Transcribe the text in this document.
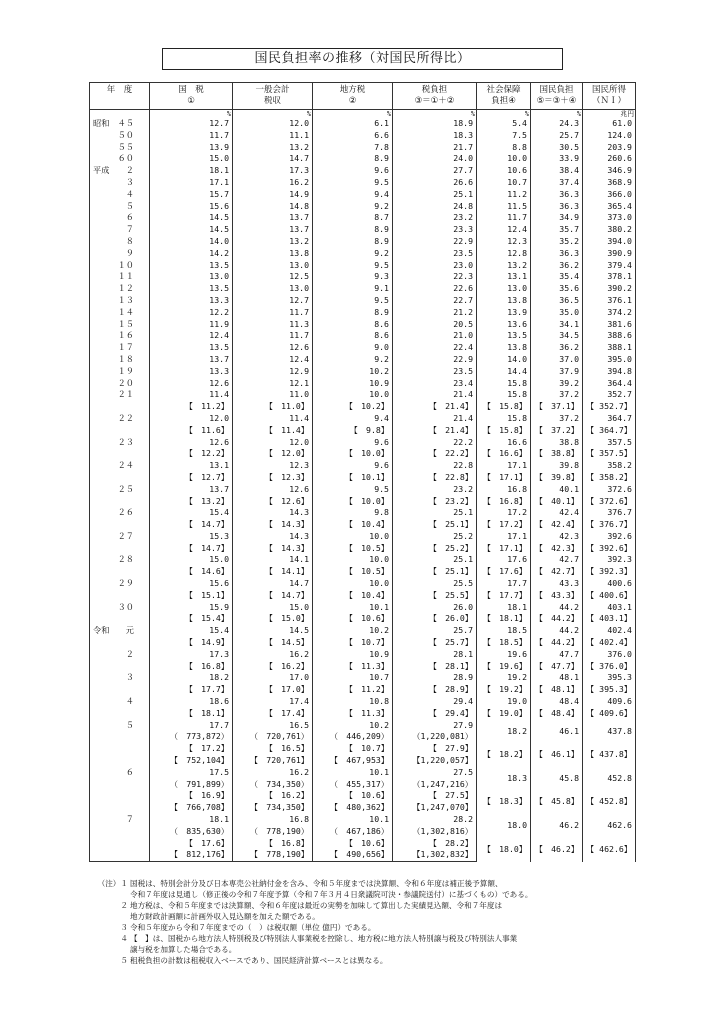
国民負担率の推移（対国民所得比）
年　度	国　税	一般会計	地方税	税負担	社会保障	国民負担	国民所得
	①	税収	②	③＝①＋②	負担④	⑤＝③＋④	（ＮＩ）
	%	%	%	%	%	%	兆円
昭和　４５	12.7	12.0	6.1	18.9	5.4	24.3	61.0
　　　５０	11.7	11.1	6.6	18.3	7.5	25.7	124.0
　　　５５	13.9	13.2	7.8	21.7	8.8	30.5	203.9
　　　６０	15.0	14.7	8.9	24.0	10.0	33.9	260.6
平成　　２	18.1	17.3	9.6	27.7	10.6	38.4	346.9
　　　　３	17.1	16.2	9.5	26.6	10.7	37.4	368.9
　　　　４	15.7	14.9	9.4	25.1	11.2	36.3	366.0
　　　　５	15.6	14.8	9.2	24.8	11.5	36.3	365.4
　　　　６	14.5	13.7	8.7	23.2	11.7	34.9	373.0
　　　　７	14.5	13.7	8.9	23.3	12.4	35.7	380.2
　　　　８	14.0	13.2	8.9	22.9	12.3	35.2	394.0
　　　　９	14.2	13.8	9.2	23.5	12.8	36.3	390.9
　　　１０	13.5	13.0	9.5	23.0	13.2	36.2	379.4
　　　１１	13.0	12.5	9.3	22.3	13.1	35.4	378.1
　　　１２	13.5	13.0	9.1	22.6	13.0	35.6	390.2
　　　１３	13.3	12.7	9.5	22.7	13.8	36.5	376.1
　　　１４	12.2	11.7	8.9	21.2	13.9	35.0	374.2
　　　１５	11.9	11.3	8.6	20.5	13.6	34.1	381.6
　　　１６	12.4	11.7	8.6	21.0	13.5	34.5	388.6
　　　１７	13.5	12.6	9.0	22.4	13.8	36.2	388.1
　　　１８	13.7	12.4	9.2	22.9	14.0	37.0	395.0
　　　１９	13.3	12.9	10.2	23.5	14.4	37.9	394.8
　　　２０	12.6	12.1	10.9	23.4	15.8	39.2	364.4
　　　２１	11.4	11.0	10.0	21.4	15.8	37.2	352.7
	【　11.2】	【　11.0】	【　10.2】	【　21.4】	【　15.8】	【　37.1】	【 352.7】
　　　２２	12.0	11.4	9.4	21.4	15.8	37.2	364.7
	【　11.6】	【　11.4】	【　9.8】	【　21.4】	【　15.8】	【　37.2】	【 364.7】
　　　２３	12.6	12.0	9.6	22.2	16.6	38.8	357.5
	【　12.2】	【　12.0】	【　10.0】	【　22.2】	【　16.6】	【　38.8】	【 357.5】
　　　２４	13.1	12.3	9.6	22.8	17.1	39.8	358.2
	【　12.7】	【　12.3】	【　10.1】	【　22.8】	【　17.1】	【　39.8】	【 358.2】
　　　２５	13.7	12.6	9.5	23.2	16.8	40.1	372.6
	【　13.2】	【　12.6】	【　10.0】	【　23.2】	【　16.8】	【　40.1】	【 372.6】
　　　２６	15.4	14.3	9.8	25.1	17.2	42.4	376.7
	【　14.7】	【　14.3】	【　10.4】	【　25.1】	【　17.2】	【　42.4】	【 376.7】
　　　２７	15.3	14.3	10.0	25.2	17.1	42.3	392.6
	【　14.7】	【　14.3】	【　10.5】	【　25.2】	【　17.1】	【　42.3】	【 392.6】
　　　２８	15.0	14.1	10.0	25.1	17.6	42.7	392.3
	【　14.6】	【　14.1】	【　10.5】	【　25.1】	【　17.6】	【　42.7】	【 392.3】
　　　２９	15.6	14.7	10.0	25.5	17.7	43.3	400.6
	【　15.1】	【　14.7】	【　10.4】	【　25.5】	【　17.7】	【　43.3】	【 400.6】
　　　３０	15.9	15.0	10.1	26.0	18.1	44.2	403.1
	【　15.4】	【　15.0】	【　10.6】	【　26.0】	【　18.1】	【　44.2】	【 403.1】
令和　　元	15.4	14.5	10.2	25.7	18.5	44.2	402.4
	【　14.9】	【　14.5】	【　10.7】	【　25.7】	【　18.5】	【　44.2】	【 402.4】
　　　　２	17.3	16.2	10.9	28.1	19.6	47.7	376.0
	【　16.8】	【　16.2】	【　11.3】	【　28.1】	【　19.6】	【　47.7】	【 376.0】
　　　　３	18.2	17.0	10.7	28.9	19.2	48.1	395.3
	【　17.7】	【　17.0】	【　11.2】	【　28.9】	【　19.2】	【　48.1】	【 395.3】
　　　　４	18.6	17.4	10.8	29.4	19.0	48.4	409.6
	【　18.1】	【　17.4】	【　11.3】	【　29.4】	【　19.0】	【　48.4】	【 409.6】
　　　　５	17.7	16.5	10.2	27.9	18.2	46.1	437.8
	（　773,872）	（　720,761）	（　446,209）	（1,220,081）			
	【　17.2】	【　16.5】	【　10.7】	【　27.9】	【　18.2】	【　46.1】	【 437.8】
	【　752,104】	【　720,761】	【　467,953】	【1,220,057】			
　　　　６	17.5	16.2	10.1	27.5	18.3	45.8	452.8
	（　791,899）	（　734,350）	（　455,317）	（1,247,216）			
	【　16.9】	【　16.2】	【　10.6】	【　27.5】	【　18.3】	【　45.8】	【 452.8】
	【　766,708】	【　734,350】	【　480,362】	【1,247,070】			
　　　　７	18.1	16.8	10.1	28.2	18.0	46.2	462.6
	（　835,630）	（　778,190）	（　467,186）	（1,302,816）			
	【　17.6】	【　16.8】	【　10.6】	【　28.2】	【　18.0】	【　46.2】	【 462.6】
	【　812,176】	【　778,190】	【　490,656】	【1,302,832】			
（注）１ 国税は、特別会計分及び日本専売公社納付金を含み、令和５年度までは決算額、令和６年度は補正後予算額、
令和７年度は見通し（修正後の令和７年度予算（令和７年３月４日衆議院可決・参議院送付）に基づくもの）である。
２ 地方税は、令和５年度までは決算額、令和６年度は最近の実勢を加味して算出した実績見込額、令和７年度は
地方財政計画額に計画外収入見込額を加えた額である。
３ 令和５年度から令和７年度までの（　）は税収額（単位 億円）である。
４ 【　】は、国税から地方法人特別税及び特別法人事業税を控除し、地方税に地方法人特別譲与税及び特別法人事業
譲与税を加算した場合である。
５ 租税負担の計数は租税収入ベースであり、国民経済計算ベースとは異なる。
